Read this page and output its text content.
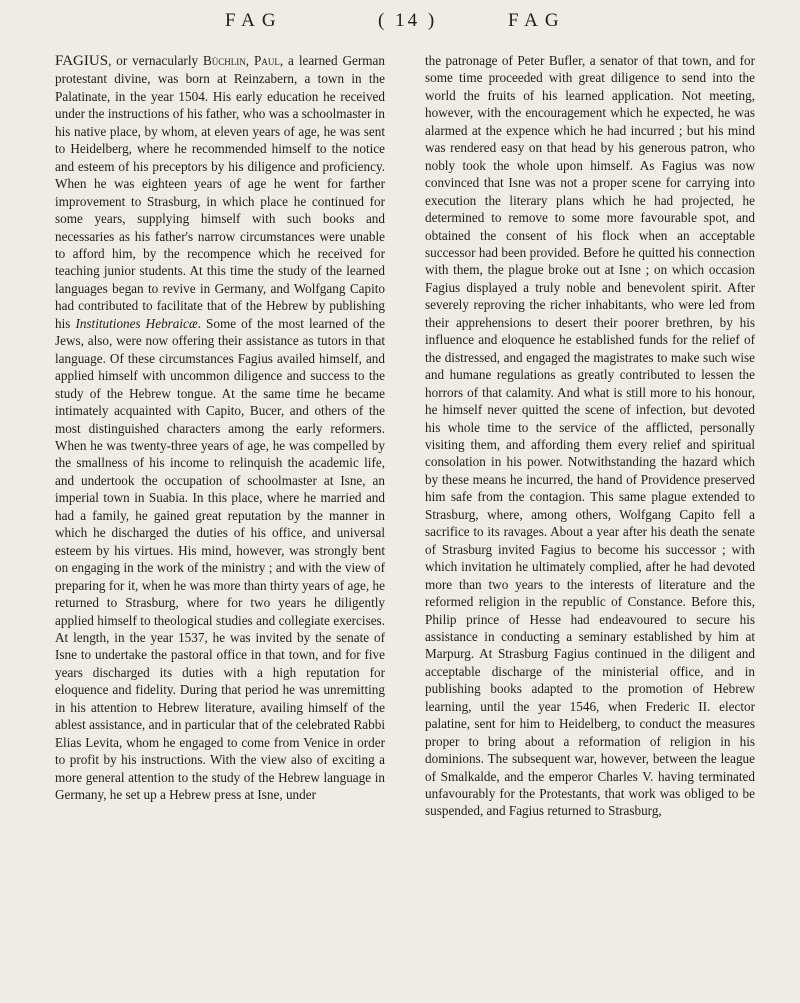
FAG	( 14 )	FAG

FAGIUS, or vernacularly Büchlin, Paul, a learned German protestant divine, was born at Reinzabern, a town in the Palatinate, in the year 1504. His early education he received under the instructions of his father, who was a schoolmaster in his native place, by whom, at eleven years of age, he was sent to Heidelberg, where he recommended himself to the notice and esteem of his preceptors by his diligence and proficiency. When he was eighteen years of age he went for farther improvement to Strasburg, in which place he continued for some years, supplying himself with such books and necessaries as his father's narrow circumstances were unable to afford him, by the recompence which he received for teaching junior students. At this time the study of the learned languages began to revive in Germany, and Wolfgang Capito had contributed to facilitate that of the Hebrew by publishing his Institutiones Hebraicæ. Some of the most learned of the Jews, also, were now offering their assistance as tutors in that language. Of these circumstances Fagius availed himself, and applied himself with uncommon diligence and success to the study of the Hebrew tongue. At the same time he became intimately acquainted with Capito, Bucer, and others of the most distinguished characters among the early reformers. When he was twenty-three years of age, he was compelled by the smallness of his income to relinquish the academic life, and undertook the occupation of schoolmaster at Isne, an imperial town in Suabia. In this place, where he married and had a family, he gained great reputation by the manner in which he discharged the duties of his office, and universal esteem by his virtues. His mind, however, was strongly bent on engaging in the work of the ministry ; and with the view of preparing for it, when he was more than thirty years of age, he returned to Strasburg, where for two years he diligently applied himself to theological studies and collegiate exercises. At length, in the year 1537, he was invited by the senate of Isne to undertake the pastoral office in that town, and for five years discharged its duties with a high reputation for eloquence and fidelity. During that period he was unremitting in his attention to Hebrew literature, availing himself of the ablest assistance, and in particular that of the celebrated Rabbi Elias Levita, whom he engaged to come from Venice in order to profit by his instructions. With the view also of exciting a more general attention to the study of the Hebrew language in Germany, he set up a Hebrew press at Isne, under

the patronage of Peter Bufler, a senator of that town, and for some time proceeded with great diligence to send into the world the fruits of his learned application. Not meeting, however, with the encouragement which he expected, he was alarmed at the expence which he had incurred ; but his mind was rendered easy on that head by his generous patron, who nobly took the whole upon himself. As Fagius was now convinced that Isne was not a proper scene for carrying into execution the literary plans which he had projected, he determined to remove to some more favourable spot, and obtained the consent of his flock when an acceptable successor had been provided. Before he quitted his connection with them, the plague broke out at Isne ; on which occasion Fagius displayed a truly noble and benevolent spirit. After severely reproving the richer inhabitants, who were led from their apprehensions to desert their poorer brethren, by his influence and eloquence he established funds for the relief of the distressed, and engaged the magistrates to make such wise and humane regulations as greatly contributed to lessen the horrors of that calamity. And what is still more to his honour, he himself never quitted the scene of infection, but devoted his whole time to the service of the afflicted, personally visiting them, and affording them every relief and spiritual consolation in his power. Notwithstanding the hazard which by these means he incurred, the hand of Providence preserved him safe from the contagion. This same plague extended to Strasburg, where, among others, Wolfgang Capito fell a sacrifice to its ravages. About a year after his death the senate of Strasburg invited Fagius to become his successor ; with which invitation he ultimately complied, after he had devoted more than two years to the interests of literature and the reformed religion in the republic of Constance. Before this, Philip prince of Hesse had endeavoured to secure his assistance in conducting a seminary established by him at Marpurg. At Strasburg Fagius continued in the diligent and acceptable discharge of the ministerial office, and in publishing books adapted to the promotion of Hebrew learning, until the year 1546, when Frederic II. elector palatine, sent for him to Heidelberg, to conduct the measures proper to bring about a reformation of religion in his dominions. The subsequent war, however, between the league of Smalkalde, and the emperor Charles V. having terminated unfavourably for the Protestants, that work was obliged to be suspended, and Fagius returned to Strasburg,
